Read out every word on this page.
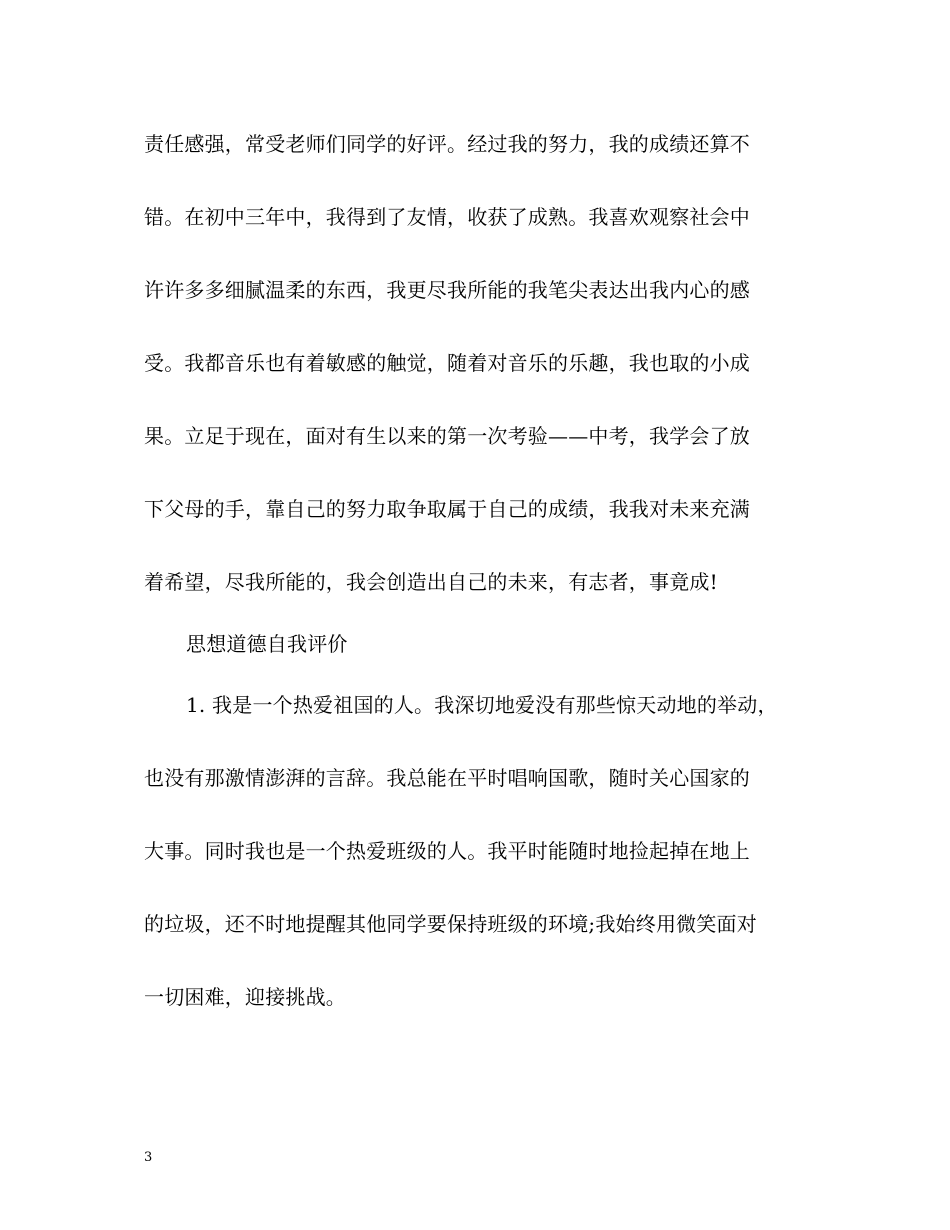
责任感强，常受老师们同学的好评。经过我的努力，我的成绩还算不
错。在初中三年中，我得到了友情，收获了成熟。我喜欢观察社会中
许许多多细腻温柔的东西，我更尽我所能的我笔尖表达出我内心的感
受。我都音乐也有着敏感的触觉，随着对音乐的乐趣，我也取的小成
果。立足于现在，面对有生以来的第一次考验——中考，我学会了放
下父母的手，靠自己的努力取争取属于自己的成绩，我我对未来充满
着希望，尽我所能的，我会创造出自己的未来，有志者，事竟成!
思想道德自我评价
1. 我是一个热爱祖国的人。我深切地爱没有那些惊天动地的举动，
也没有那激情澎湃的言辞。我总能在平时唱响国歌，随时关心国家的
大事。同时我也是一个热爱班级的人。我平时能随时地捡起掉在地上
的垃圾，还不时地提醒其他同学要保持班级的环境;我始终用微笑面对
一切困难，迎接挑战。
3
